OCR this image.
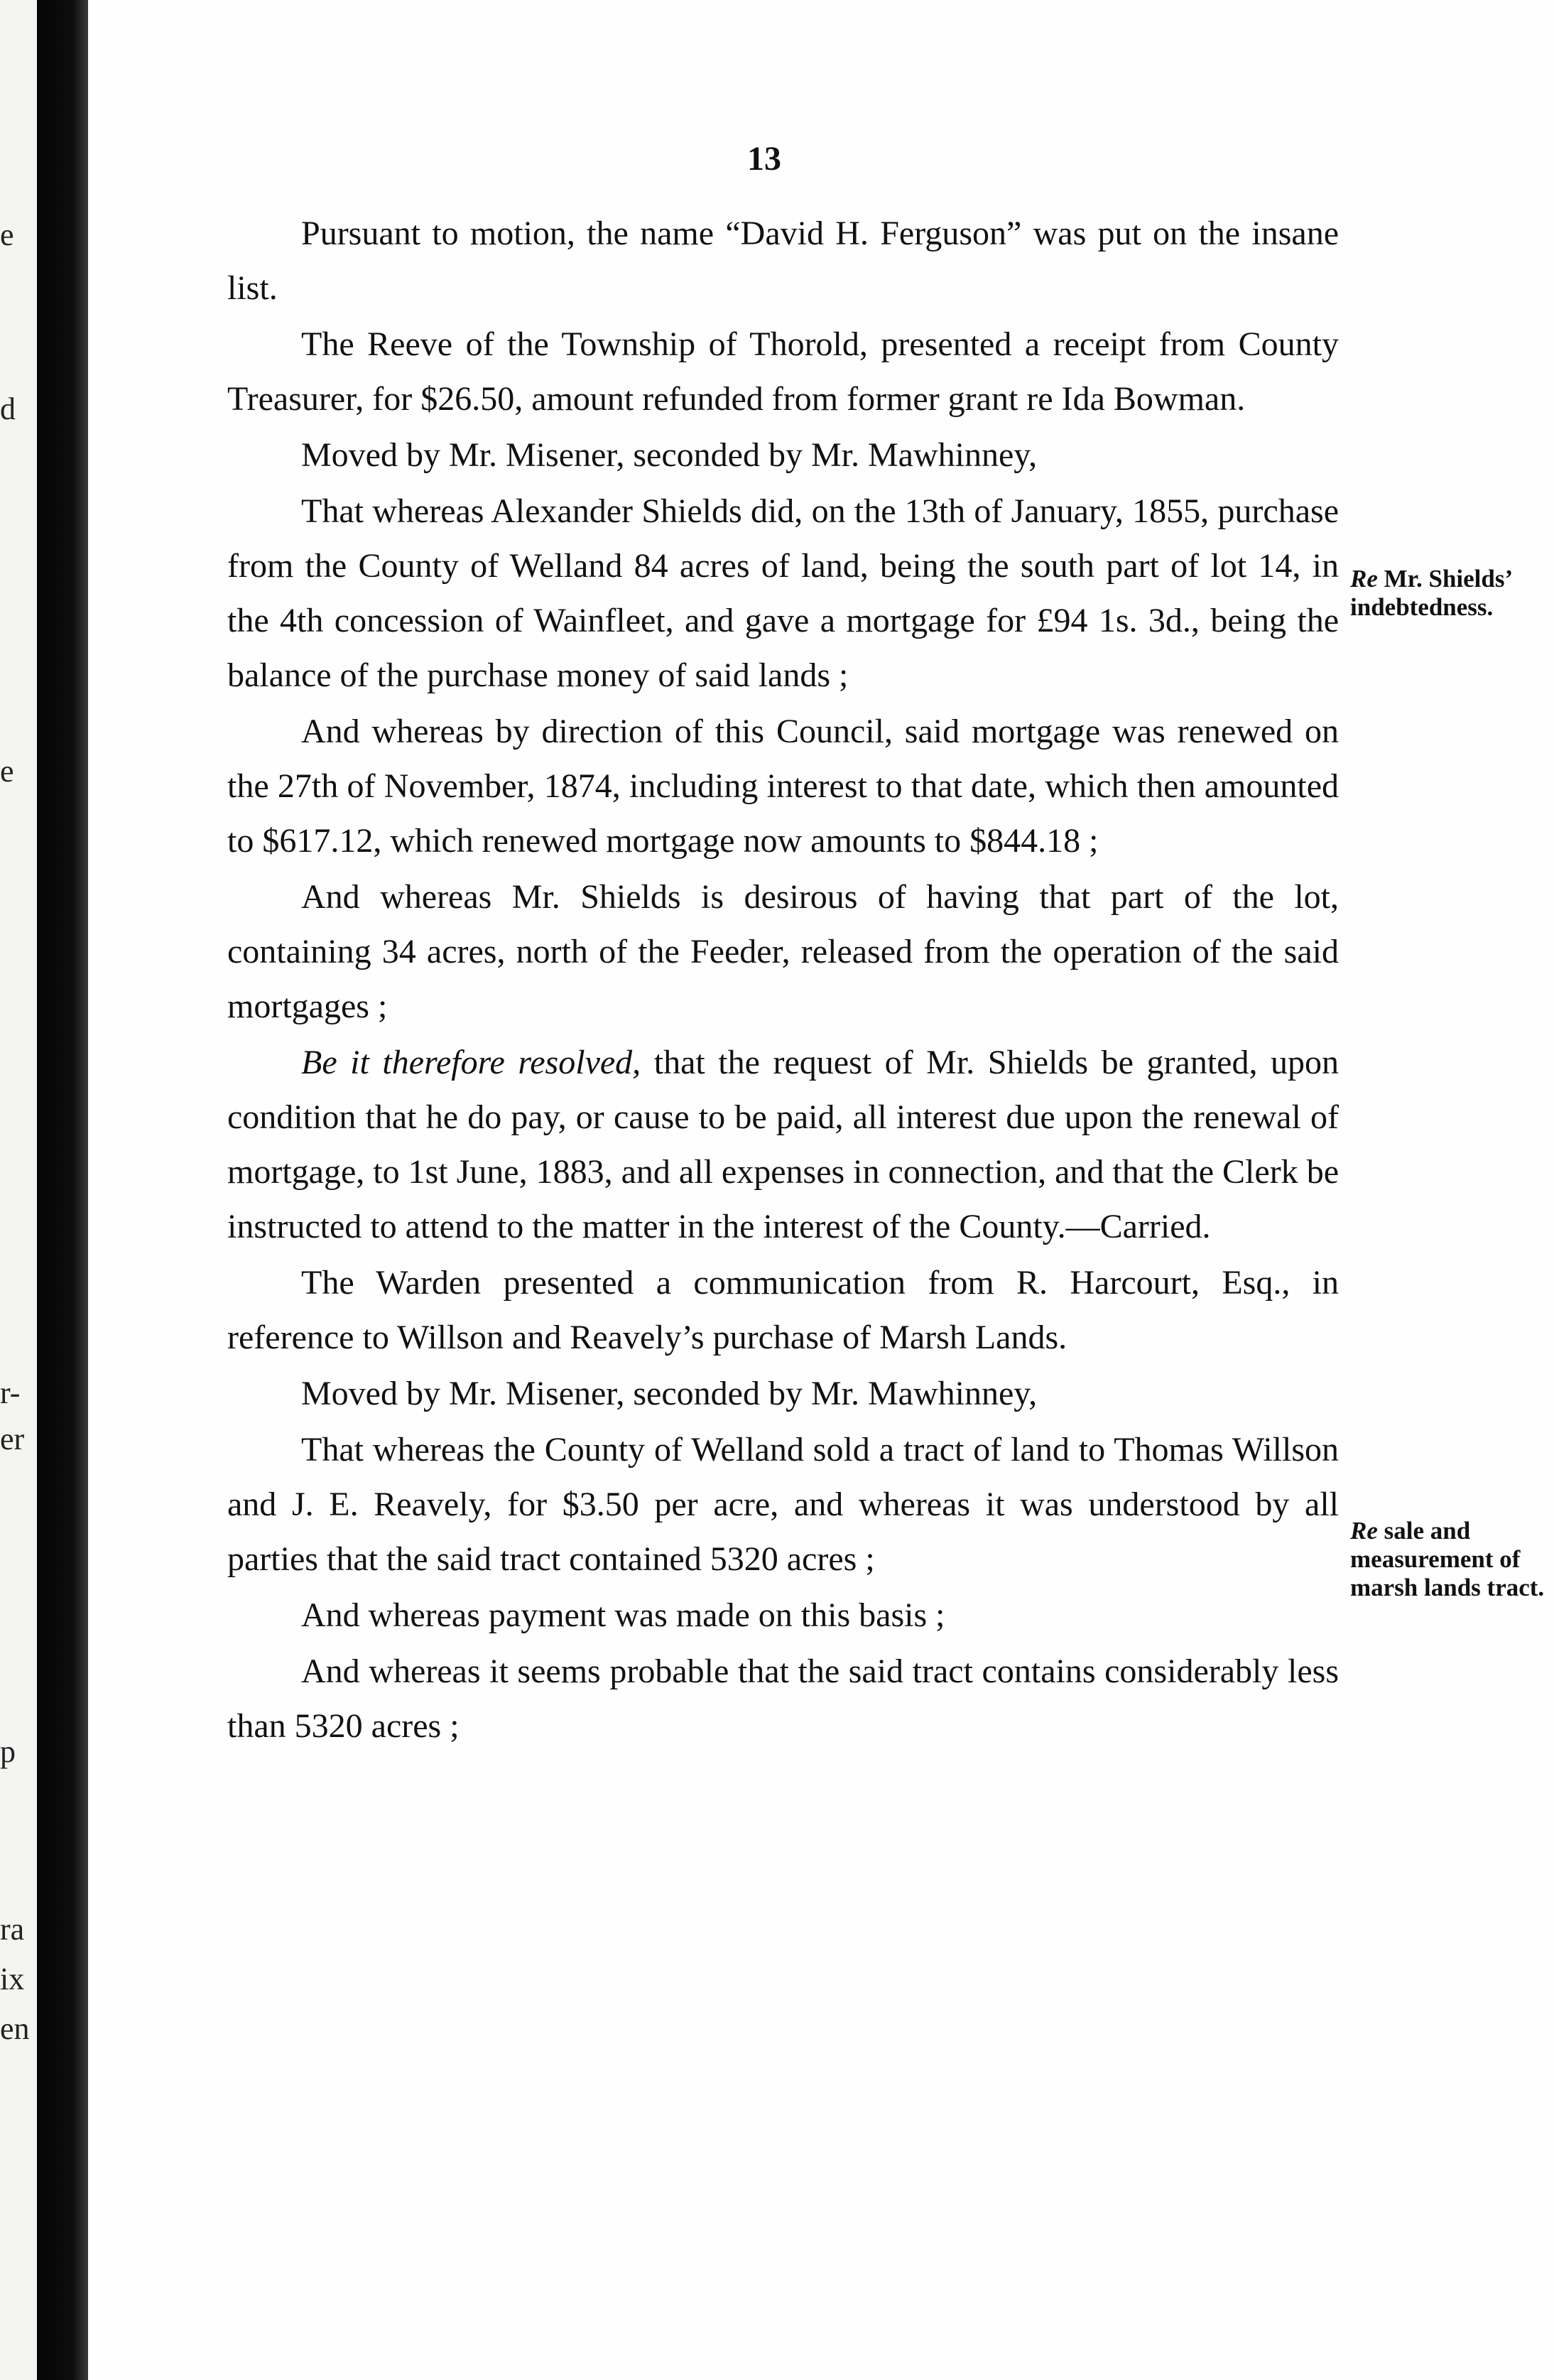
e
d
e
r-
er
p
ra
ix
en
13

Pursuant to motion, the name “David H. Ferguson” was put on the insane list.

The Reeve of the Township of Thorold, presented a receipt from County Treasurer, for $26.50, amount refunded from former grant re Ida Bowman.

Moved by Mr. Misener, seconded by Mr. Mawhinney,

That whereas Alexander Shields did, on the 13th of January, 1855, purchase from the County of Welland 84 acres of land, being the south part of lot 14, in the 4th concession of Wainfleet, and gave a mortgage for £94 1s. 3d., being the balance of the purchase money of said lands ;

And whereas by direction of this Council, said mortgage was renewed on the 27th of November, 1874, including interest to that date, which then amounted to $617.12, which renewed mortgage now amounts to $844.18 ;

And whereas Mr. Shields is desirous of having that part of the lot, containing 34 acres, north of the Feeder, released from the operation of the said mortgages ;

Be it therefore resolved, that the request of Mr. Shields be granted, upon condition that he do pay, or cause to be paid, all interest due upon the renewal of mortgage, to 1st June, 1883, and all expenses in connection, and that the Clerk be instructed to attend to the matter in the interest of the County.—Carried.

The Warden presented a communication from R. Harcourt, Esq., in reference to Willson and Reavely’s purchase of Marsh Lands.

Moved by Mr. Misener, seconded by Mr. Mawhinney,

That whereas the County of Welland sold a tract of land to Thomas Willson and J. E. Reavely, for $3.50 per acre, and whereas it was understood by all parties that the said tract contained 5320 acres ;

And whereas payment was made on this basis ;

And whereas it seems probable that the said tract contains considerably less than 5320 acres ;

Re Mr. Shields’ indebtedness.
Re sale and measurement of marsh lands tract.
